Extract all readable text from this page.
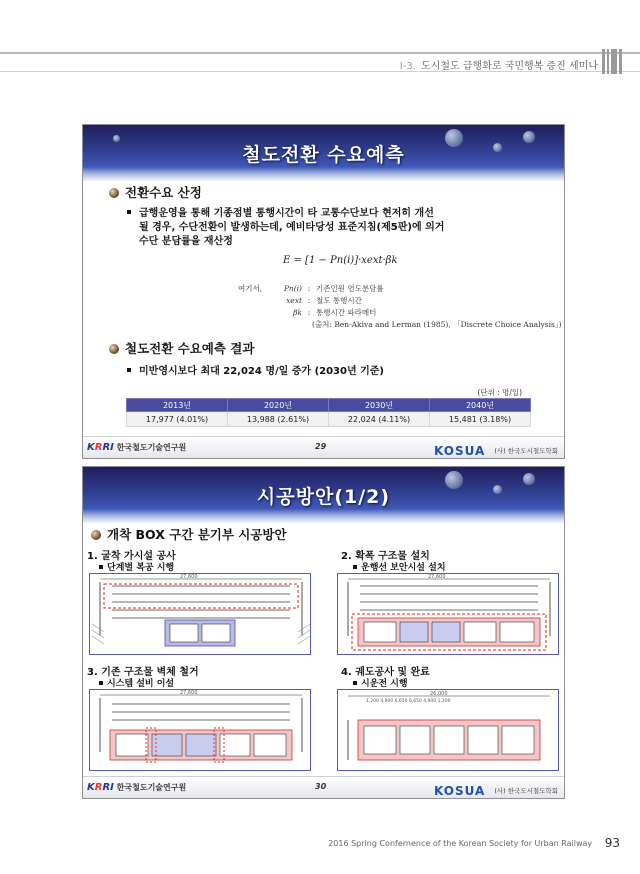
Ⅰ-3. 도시철도 급행화로 국민행복 증진 세미나
철도전환 수요예측
전환수요 산정
급행운영을 통해 기종점별 통행시간이 타 교통수단보다 현저히 개선
될 경우, 수단전환이 발생하는데, 예비타당성 표준지침(제5판)에 의거
수단 분담률을 재산정
E = [1 − Pn(i)]·xext·βk
여기서,	Pn(i) : 기존인원 연도분담률
xext : 철도 통행시간
βk : 통행시간 파라메터
(출처: Ben-Akiva and Lerman (1985), 「Discrete Choice Analysis」)
철도전환 수요예측 결과
미반영시보다 최대 22,024 명/일 증가 (2030년 기준)
(단위 : 명/일)
2013년	2020년	2030년	2040년
17,977 (4.01%)	13,988 (2.61%)	22,024 (4.11%)	15,481 (3.18%)
KRRI 한국철도기술연구원	29	KOSUA (사) 한국도시철도학회
시공방안(1/2)
개착 BOX 구간 분기부 시공방안
1. 굴착 가시설 공사
단계별 복공 시행
27,600
2. 확폭 구조물 설치
운행선 보안시설 설치
27,600
3. 기존 구조물 벽체 철거
시스템 설비 이설
27,600
4. 궤도공사 및 완료
시운전 시행
26,000
1,200 4,900 6,650 6,650 4,900 1,200
KRRI 한국철도기술연구원	30	KOSUA (사) 한국도시철도학회
2016 Spring Confernence of the Korean Society for Urban Railway 93
